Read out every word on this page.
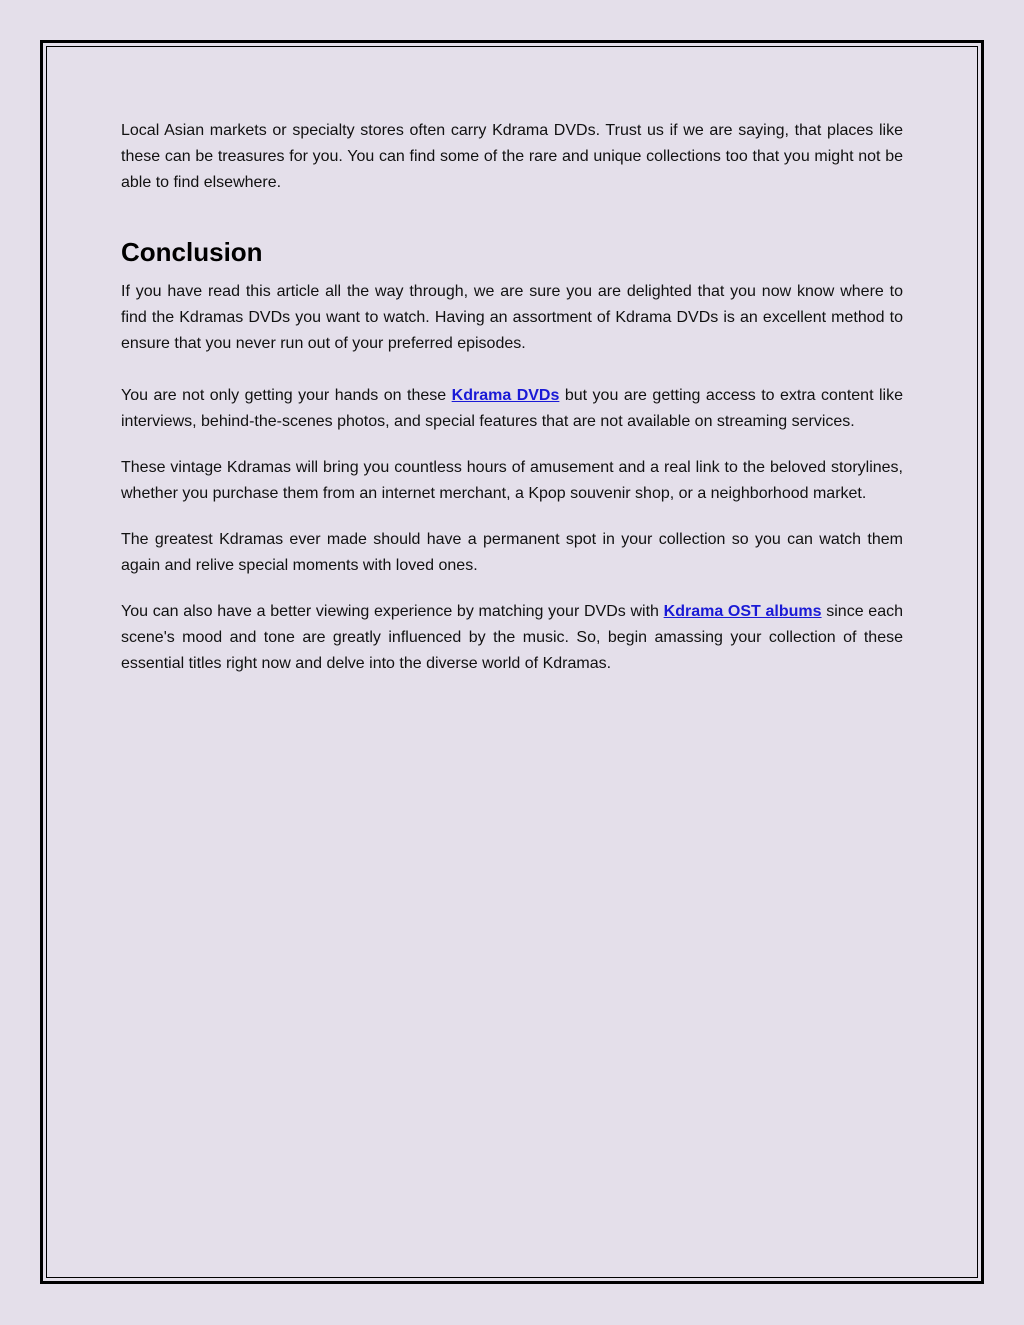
Local Asian markets or specialty stores often carry Kdrama DVDs. Trust us if we are saying, that places like these can be treasures for you. You can find some of the rare and unique collections too that you might not be able to find elsewhere.

Conclusion

If you have read this article all the way through, we are sure you are delighted that you now know where to find the Kdramas DVDs you want to watch. Having an assortment of Kdrama DVDs is an excellent method to ensure that you never run out of your preferred episodes.

You are not only getting your hands on these Kdrama DVDs but you are getting access to extra content like interviews, behind-the-scenes photos, and special features that are not available on streaming services.

These vintage Kdramas will bring you countless hours of amusement and a real link to the beloved storylines, whether you purchase them from an internet merchant, a Kpop souvenir shop, or a neighborhood market.

The greatest Kdramas ever made should have a permanent spot in your collection so you can watch them again and relive special moments with loved ones.

You can also have a better viewing experience by matching your DVDs with Kdrama OST albums since each scene's mood and tone are greatly influenced by the music. So, begin amassing your collection of these essential titles right now and delve into the diverse world of Kdramas.
